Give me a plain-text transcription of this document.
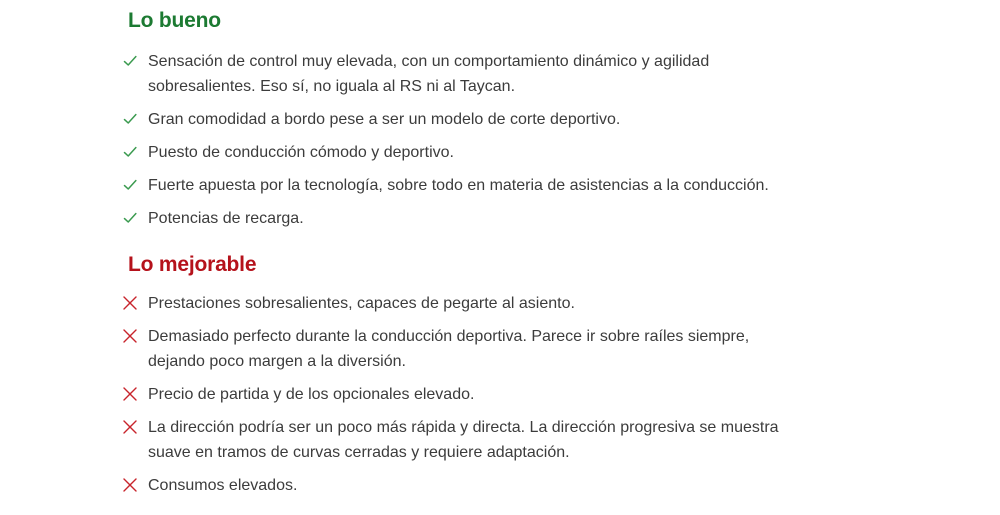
Lo bueno
Sensación de control muy elevada, con un comportamiento dinámico y agilidad sobresalientes. Eso sí, no iguala al RS ni al Taycan.
Gran comodidad a bordo pese a ser un modelo de corte deportivo.
Puesto de conducción cómodo y deportivo.
Fuerte apuesta por la tecnología, sobre todo en materia de asistencias a la conducción.
Potencias de recarga.
Lo mejorable
Prestaciones sobresalientes, capaces de pegarte al asiento.
Demasiado perfecto durante la conducción deportiva. Parece ir sobre raíles siempre, dejando poco margen a la diversión.
Precio de partida y de los opcionales elevado.
La dirección podría ser un poco más rápida y directa. La dirección progresiva se muestra suave en tramos de curvas cerradas y requiere adaptación.
Consumos elevados.
